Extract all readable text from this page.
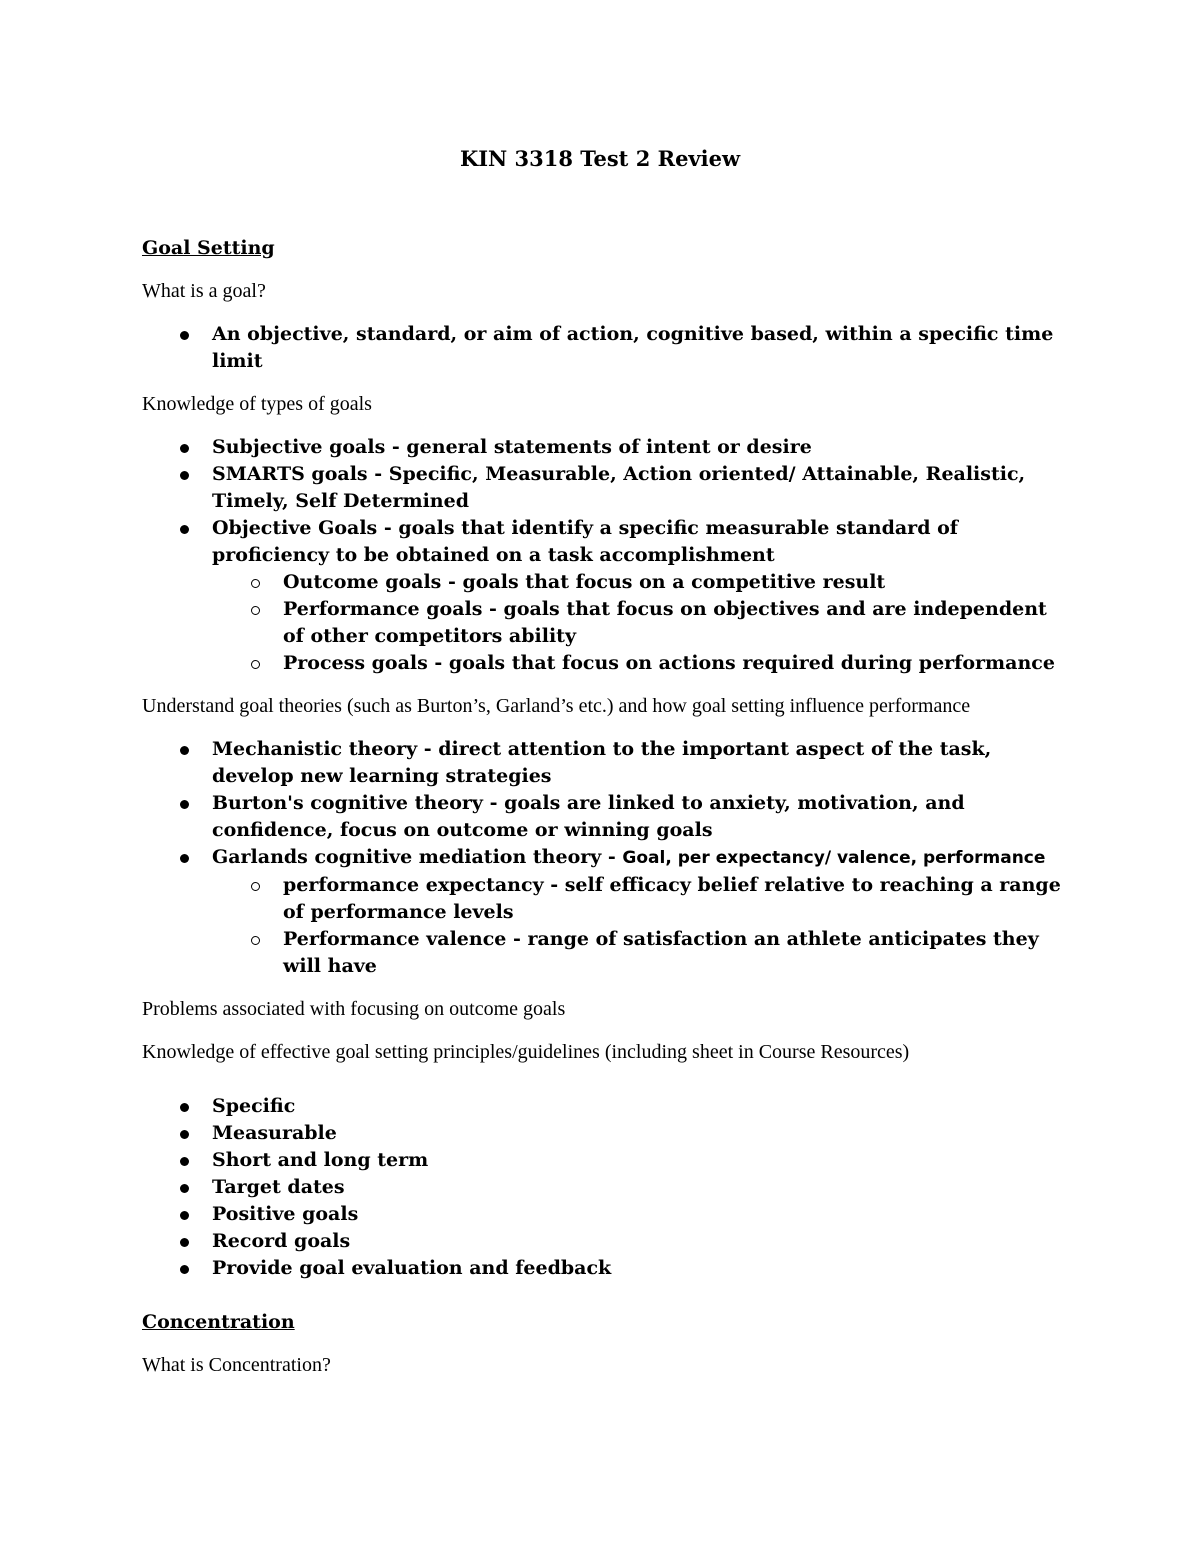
KIN 3318 Test 2 Review

Goal Setting

What is a goal?

An objective, standard, or aim of action, cognitive based, within a specific time limit

Knowledge of types of goals

Subjective goals - general statements of intent or desire
SMARTS goals - Specific, Measurable, Action oriented/ Attainable, Realistic, Timely, Self Determined
Objective Goals - goals that identify a specific measurable standard of proficiency to be obtained on a task accomplishment
Outcome goals - goals that focus on a competitive result
Performance goals - goals that focus on objectives and are independent of other competitors ability
Process goals - goals that focus on actions required during performance

Understand goal theories (such as Burton’s, Garland’s etc.) and how goal setting influence performance

Mechanistic theory - direct attention to the important aspect of the task, develop new learning strategies
Burton's cognitive theory - goals are linked to anxiety, motivation, and confidence, focus on outcome or winning goals
Garlands cognitive mediation theory - Goal, per expectancy/ valence, performance
performance expectancy - self efficacy belief relative to reaching a range of performance levels
Performance valence - range of satisfaction an athlete anticipates they will have

Problems associated with focusing on outcome goals

Knowledge of effective goal setting principles/guidelines (including sheet in Course Resources)

Specific
Measurable
Short and long term
Target dates
Positive goals
Record goals
Provide goal evaluation and feedback

Concentration

What is Concentration?
